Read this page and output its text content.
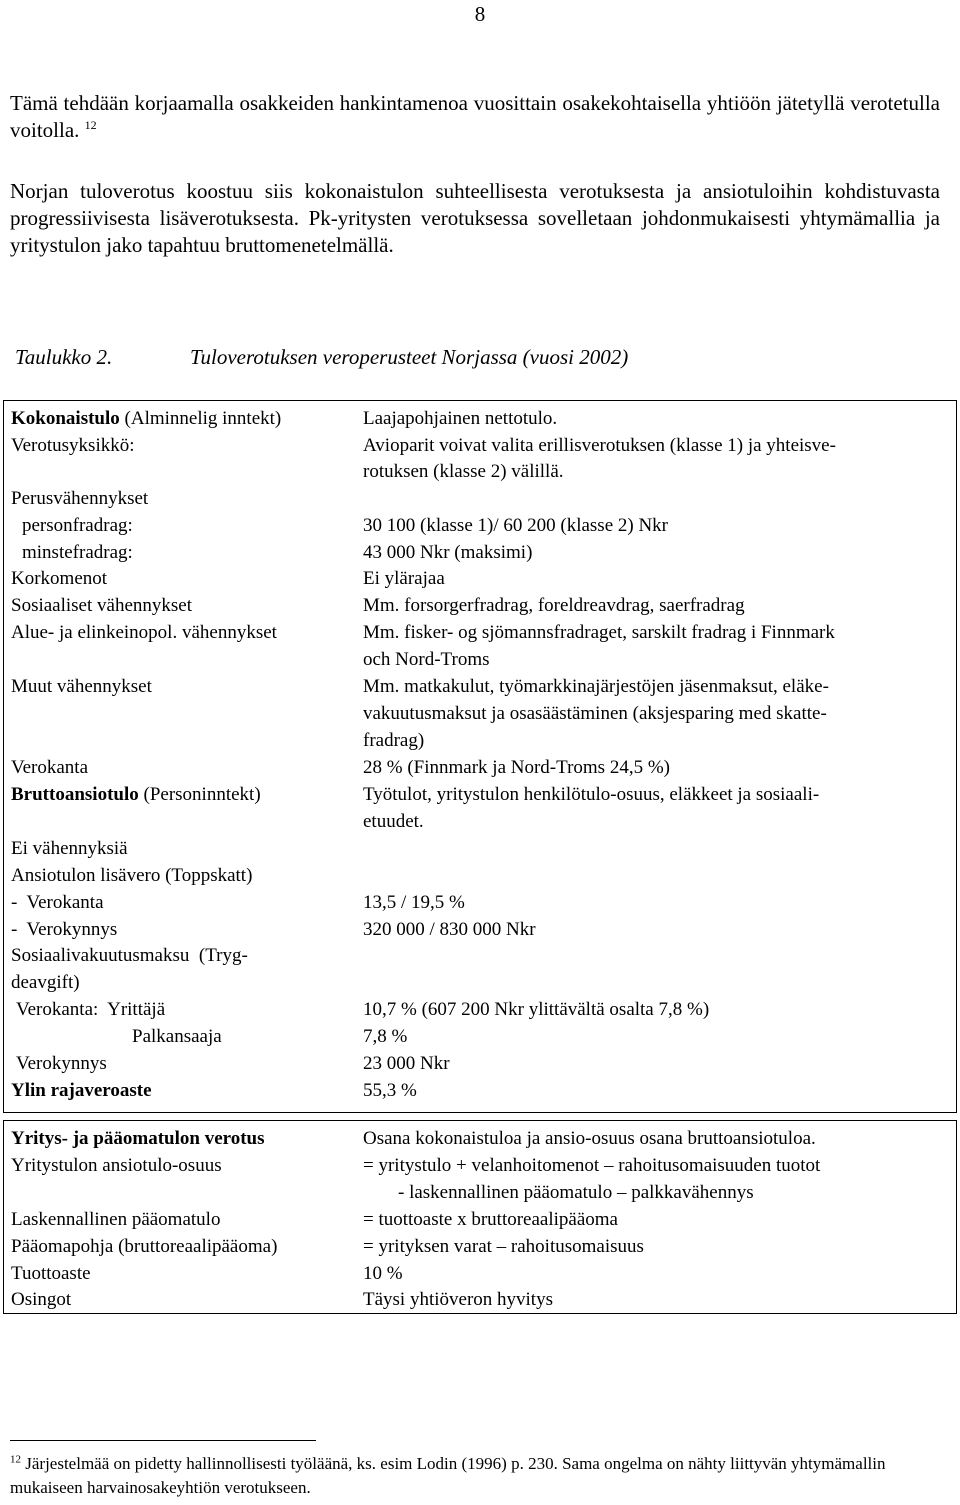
8
Tämä tehdään korjaamalla osakkeiden hankintamenoa vuosittain osakekohtaisella yhtiöön jätetyllä verotetulla voitolla. $^{12}$
Norjan tuloverotus koostuu siis kokonaistulon suhteellisesta verotuksesta ja ansiotuloihin kohdistuvasta progressiivisesta lisäverotuksesta. Pk-yritysten verotuksessa sovelletaan johdonmukaisesti yhtymämallia ja yritystulon jako tapahtuu bruttomenetelmällä.
Taulukko 2.	Tuloverotuksen veroperusteet Norjassa (vuosi 2002)
Kokonaistulo (Alminnelig inntekt)	Laajapohjainen nettotulo.
Verotusyksikkö:	Avioparit voivat valita erillisverotuksen (klasse 1) ja yhteisve-
rotuksen (klasse 2) välillä.
Perusvähennykset
personfradrag:	30 100 (klasse 1)/ 60 200 (klasse 2) Nkr
minstefradrag:	43 000 Nkr (maksimi)
Korkomenot	Ei ylärajaa
Sosiaaliset vähennykset	Mm. forsorgerfradrag, foreldreavdrag, saerfradrag
Alue- ja elinkeinopol. vähennykset	Mm. fisker- og sjömannsfradraget, sarskilt fradrag i Finnmark
och Nord-Troms
Muut vähennykset	Mm. matkakulut, työmarkkinajärjestöjen jäsenmaksut, eläke-
vakuutusmaksut ja osasäästäminen (aksjesparing med skatte-
fradrag)
Verokanta	28 % (Finnmark ja Nord-Troms 24,5 %)
Bruttoansiotulo (Personinntekt)	Työtulot, yritystulon henkilötulo-osuus, eläkkeet ja sosiaali-
etuudet.
Ei vähennyksiä
Ansiotulon lisävero (Toppskatt)
-  Verokanta	13,5 / 19,5 %
-  Verokynnys	320 000 / 830 000 Nkr
Sosiaalivakuutusmaksu  (Tryg-
deavgift)
Verokanta:  Yrittäjä	10,7 % (607 200 Nkr ylittävältä osalta 7,8 %)
Palkansaaja	7,8 %
Verokynnys	23 000 Nkr
Ylin rajaveroaste	55,3 %
Yritys- ja pääomatulon verotus	Osana kokonaistuloa ja ansio-osuus osana bruttoansiotuloa.
Yritystulon ansiotulo-osuus	= yritystulo + velanhoitomenot – rahoitusomaisuuden tuotot
- laskennallinen pääomatulo – palkkavähennys
Laskennallinen pääomatulo	= tuottoaste x bruttoreaalipääoma
Pääomapohja (bruttoreaalipääoma)	= yrityksen varat – rahoitusomaisuus
Tuottoaste	10 %
Osingot	Täysi yhtiöveron hyvitys
$^{12}$ Järjestelmää on pidetty hallinnollisesti työläänä, ks. esim Lodin (1996) p. 230. Sama ongelma on nähty liittyvän yhtymämallin mukaiseen harvainosakeyhtiön verotukseen.
